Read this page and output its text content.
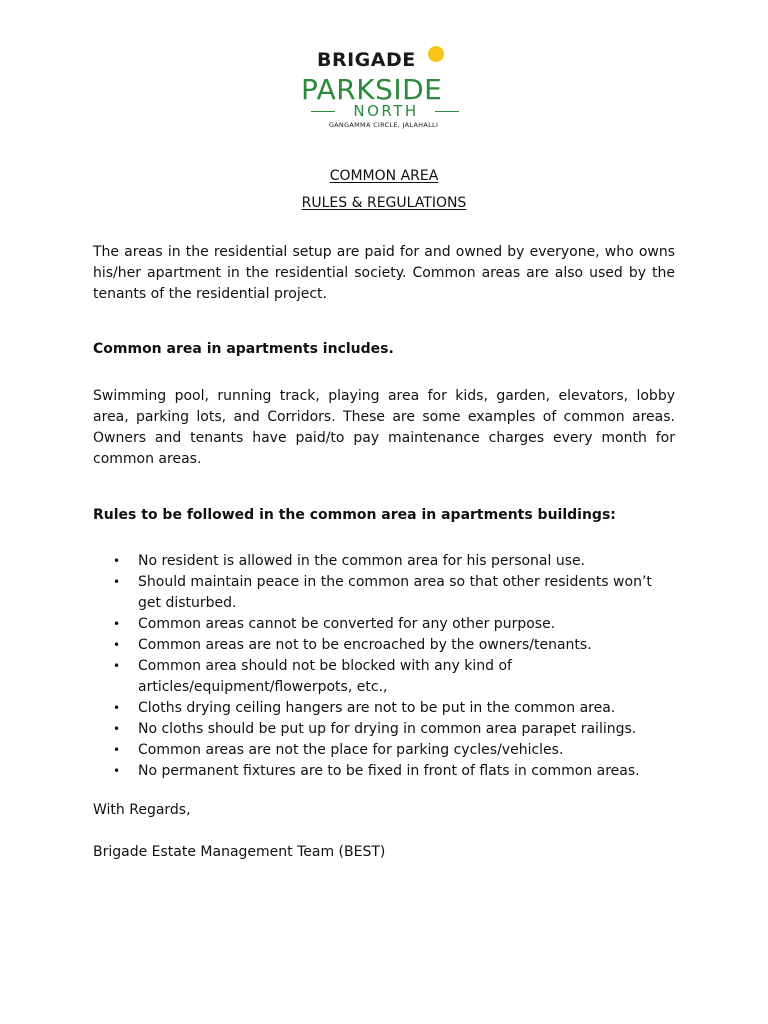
BRIGADE
PARKSIDE
NORTH
GANGAMMA CIRCLE, JALAHALLI
COMMON AREA
RULES & REGULATIONS
The areas in the residential setup are paid for and owned by everyone, who owns his/her apartment in the residential society. Common areas are also used by the tenants of the residential project.
Common area in apartments includes.
Swimming pool, running track, playing area for kids, garden, elevators, lobby area, parking lots, and Corridors. These are some examples of common areas. Owners and tenants have paid/to pay maintenance charges every month for common areas.
Rules to be followed in the common area in apartments buildings:
• No resident is allowed in the common area for his personal use.
• Should maintain peace in the common area so that other residents won’t get disturbed.
• Common areas cannot be converted for any other purpose.
• Common areas are not to be encroached by the owners/tenants.
• Common area should not be blocked with any kind of articles/equipment/flowerpots, etc.,
• Cloths drying ceiling hangers are not to be put in the common area.
• No cloths should be put up for drying in common area parapet railings.
• Common areas are not the place for parking cycles/vehicles.
• No permanent fixtures are to be fixed in front of flats in common areas.
With Regards,
Brigade Estate Management Team (BEST)
